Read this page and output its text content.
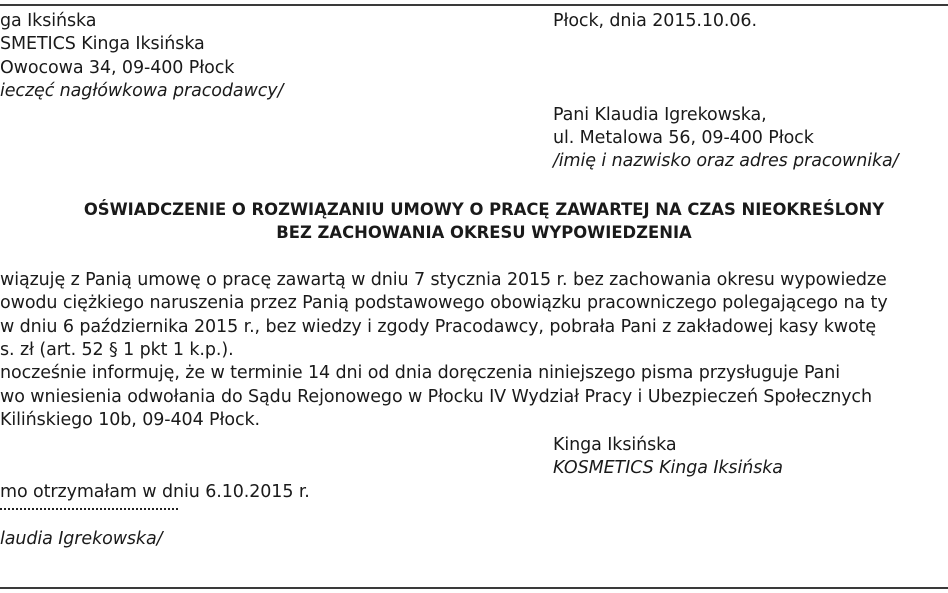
ga Iksińska
SMETICS Kinga Iksińska
Owocowa 34, 09-400 Płock
ieczęć nagłówkowa pracodawcy/
Płock, dnia 2015.10.06.
Pani Klaudia Igrekowska,
ul. Metalowa 56, 09-400 Płock
/imię i nazwisko oraz adres pracownika/
OŚWIADCZENIE O ROZWIĄZANIU UMOWY O PRACĘ ZAWARTEJ NA CZAS NIEOKREŚLONY
BEZ ZACHOWANIA OKRESU WYPOWIEDZENIA
wiązuję z Panią umowę o pracę zawartą w dniu 7 stycznia 2015 r. bez zachowania okresu wypowiedze
owodu ciężkiego naruszenia przez Panią podstawowego obowiązku pracowniczego polegającego na ty
w dniu 6 października 2015 r., bez wiedzy i zgody Pracodawcy, pobrała Pani z zakładowej kasy kwotę
s. zł (art. 52 § 1 pkt 1 k.p.).
nocześnie informuję, że w terminie 14 dni od dnia doręczenia niniejszego pisma przysługuje Pani
wo wniesienia odwołania do Sądu Rejonowego w Płocku IV Wydział Pracy i Ubezpieczeń Społecznych
Kilińskiego 10b, 09-404 Płock.
Kinga Iksińska
KOSMETICS Kinga Iksińska
mo otrzymałam w dniu 6.10.2015 r.
laudia Igrekowska/
